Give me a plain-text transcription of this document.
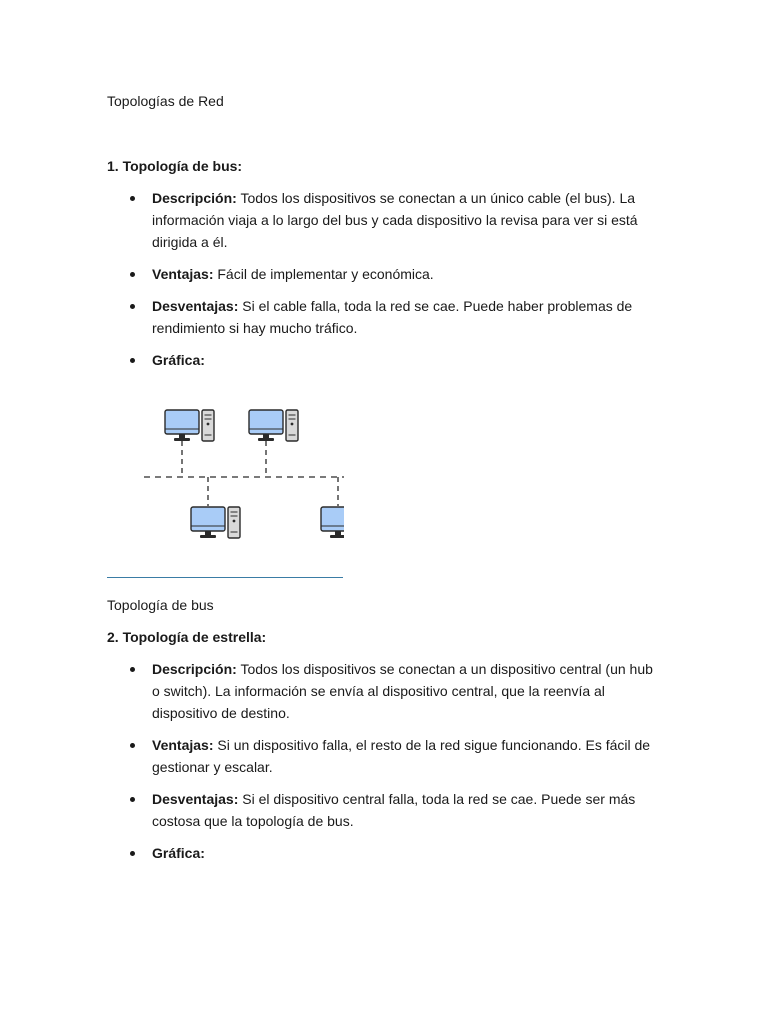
Topologías de Red
1. Topología de bus:
Descripción: Todos los dispositivos se conectan a un único cable (el bus). La información viaja a lo largo del bus y cada dispositivo la revisa para ver si está dirigida a él.
Ventajas: Fácil de implementar y económica.
Desventajas: Si el cable falla, toda la red se cae. Puede haber problemas de rendimiento si hay mucho tráfico.
Gráfica:
Topología de bus
2. Topología de estrella:
Descripción: Todos los dispositivos se conectan a un dispositivo central (un hub o switch). La información se envía al dispositivo central, que la reenvía al dispositivo de destino.
Ventajas: Si un dispositivo falla, el resto de la red sigue funcionando. Es fácil de gestionar y escalar.
Desventajas: Si el dispositivo central falla, toda la red se cae. Puede ser más costosa que la topología de bus.
Gráfica:
